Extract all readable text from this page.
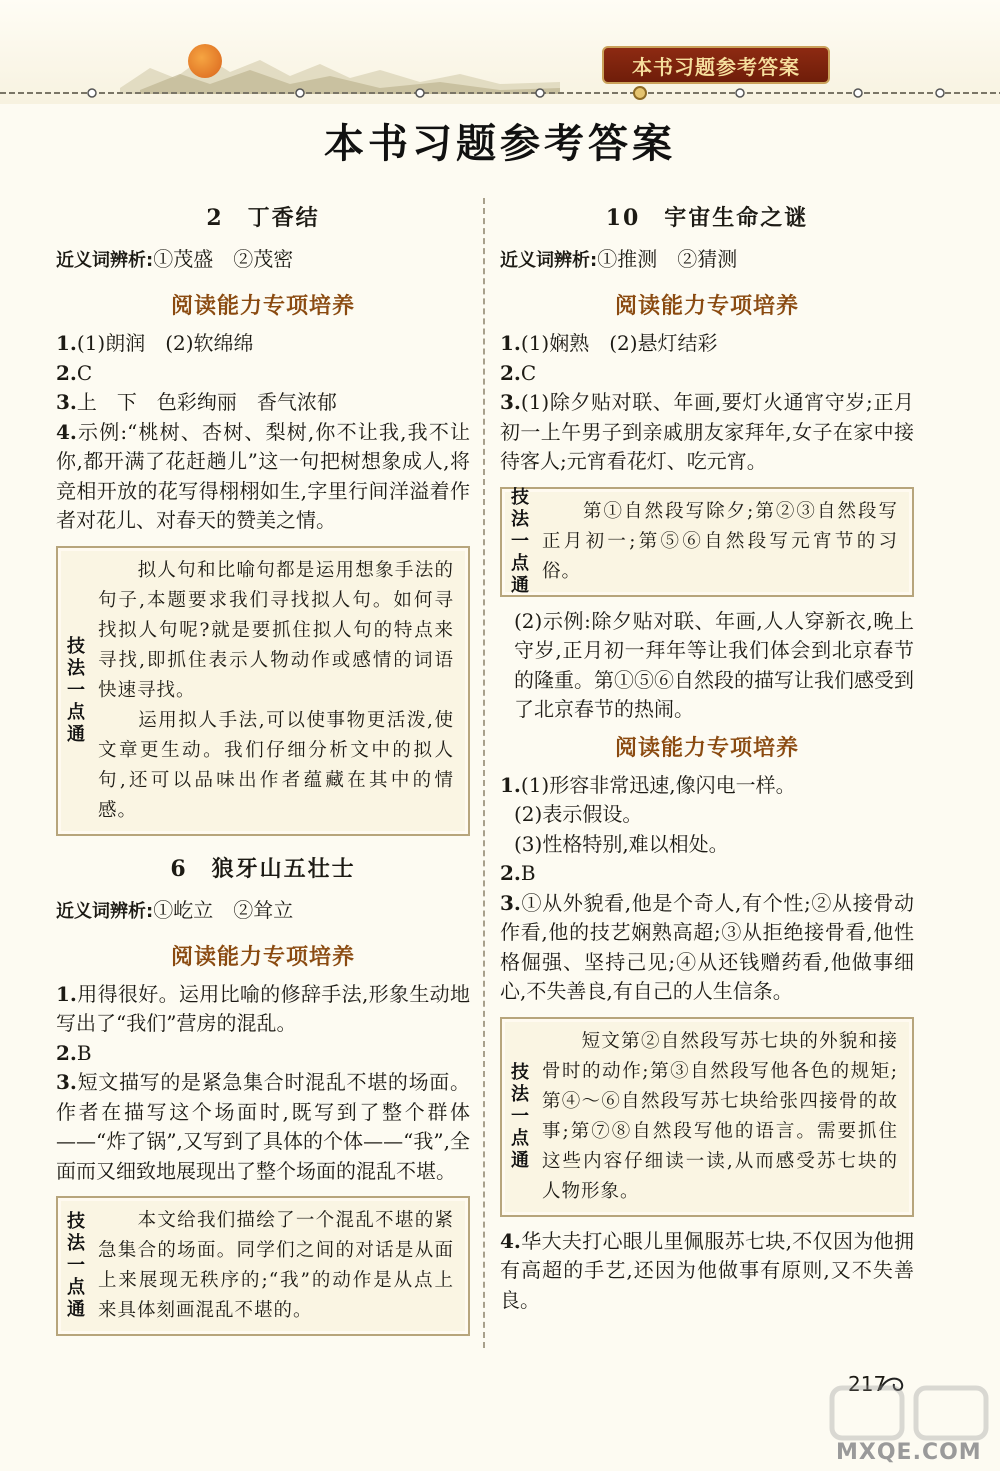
本书习题参考答案
本书习题参考答案
2　丁香结
近义词辨析:①茂盛　②茂密
阅读能力专项培养
1.(1)朗润　(2)软绵绵
2.C
3.上　下　色彩绚丽　香气浓郁
4.示例:“桃树、杏树、梨树,你不让我,我不让你,都开满了花赶趟儿”这一句把树想象成人,将竞相开放的花写得栩栩如生,字里行间洋溢着作者对花儿、对春天的赞美之情。
技法一点通
　　拟人句和比喻句都是运用想象手法的句子,本题要求我们寻找拟人句。如何寻找拟人句呢?就是要抓住拟人句的特点来寻找,即抓住表示人物动作或感情的词语快速寻找。
　　运用拟人手法,可以使事物更活泼,使文章更生动。我们仔细分析文中的拟人句,还可以品味出作者蕴藏在其中的情感。
6　狼牙山五壮士
近义词辨析:①屹立　②耸立
阅读能力专项培养
1.用得很好。运用比喻的修辞手法,形象生动地写出了“我们”营房的混乱。
2.B
3.短文描写的是紧急集合时混乱不堪的场面。作者在描写这个场面时,既写到了整个群体——“炸了锅”,又写到了具体的个体——“我”,全面而又细致地展现出了整个场面的混乱不堪。
技法一点通
　　本文给我们描绘了一个混乱不堪的紧急集合的场面。同学们之间的对话是从面上来展现无秩序的;“我”的动作是从点上来具体刻画混乱不堪的。
10　宇宙生命之谜
近义词辨析:①推测　②猜测
阅读能力专项培养
1.(1)娴熟　(2)悬灯结彩
2.C
3.(1)除夕贴对联、年画,要灯火通宵守岁;正月初一上午男子到亲戚朋友家拜年,女子在家中接待客人;元宵看花灯、吃元宵。
技法一点通
　　第①自然段写除夕;第②③自然段写正月初一;第⑤⑥自然段写元宵节的习俗。
(2)示例:除夕贴对联、年画,人人穿新衣,晚上守岁,正月初一拜年等让我们体会到北京春节的隆重。第①⑤⑥自然段的描写让我们感受到了北京春节的热闹。
阅读能力专项培养
1.(1)形容非常迅速,像闪电一样。
(2)表示假设。
(3)性格特别,难以相处。
2.B
3.①从外貌看,他是个奇人,有个性;②从接骨动作看,他的技艺娴熟高超;③从拒绝接骨看,他性格倔强、坚持己见;④从还钱赠药看,他做事细心,不失善良,有自己的人生信条。
技法一点通
　　短文第②自然段写苏七块的外貌和接骨时的动作;第③自然段写他各色的规矩;第④～⑥自然段写苏七块给张四接骨的故事;第⑦⑧自然段写他的语言。需要抓住这些内容仔细读一读,从而感受苏七块的人物形象。
4.华大夫打心眼儿里佩服苏七块,不仅因为他拥有高超的手艺,还因为他做事有原则,又不失善良。
217
MXQE.COM
